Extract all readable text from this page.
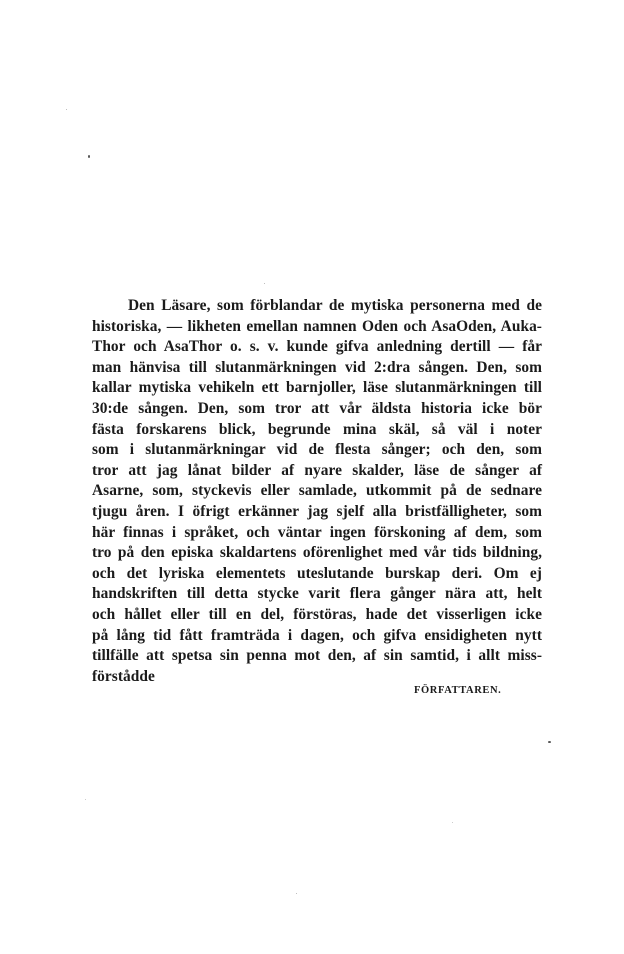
Den Läsare, som förblandar de mytiska personerna med de
historiska, — likheten emellan namnen Oden och AsaOden, Auka-
Thor och AsaThor o. s. v. kunde gifva anledning dertill — får
man hänvisa till slutanmärkningen vid 2:dra sången. Den, som
kallar mytiska vehikeln ett barnjoller, läse slutanmärkningen till
30:de sången. Den, som tror att vår äldsta historia icke bör
fästa forskarens blick, begrunde mina skäl, så väl i noter
som i slutanmärkningar vid de flesta sånger; och den, som
tror att jag lånat bilder af nyare skalder, läse de sånger af
Asarne, som, styckevis eller samlade, utkommit på de sednare
tjugu åren. I öfrigt erkänner jag sjelf alla bristfälligheter, som
här finnas i språket, och väntar ingen förskoning af dem, som
tro på den episka skaldartens oförenlighet med vår tids bildning,
och det lyriska elementets uteslutande burskap deri. Om ej
handskriften till detta stycke varit flera gånger nära att, helt
och hållet eller till en del, förstöras, hade det visserligen icke
på lång tid fått framträda i dagen, och gifva ensidigheten nytt
tillfälle att spetsa sin penna mot den, af sin samtid, i allt miss-
förstådde
FÖRFATTAREN.
